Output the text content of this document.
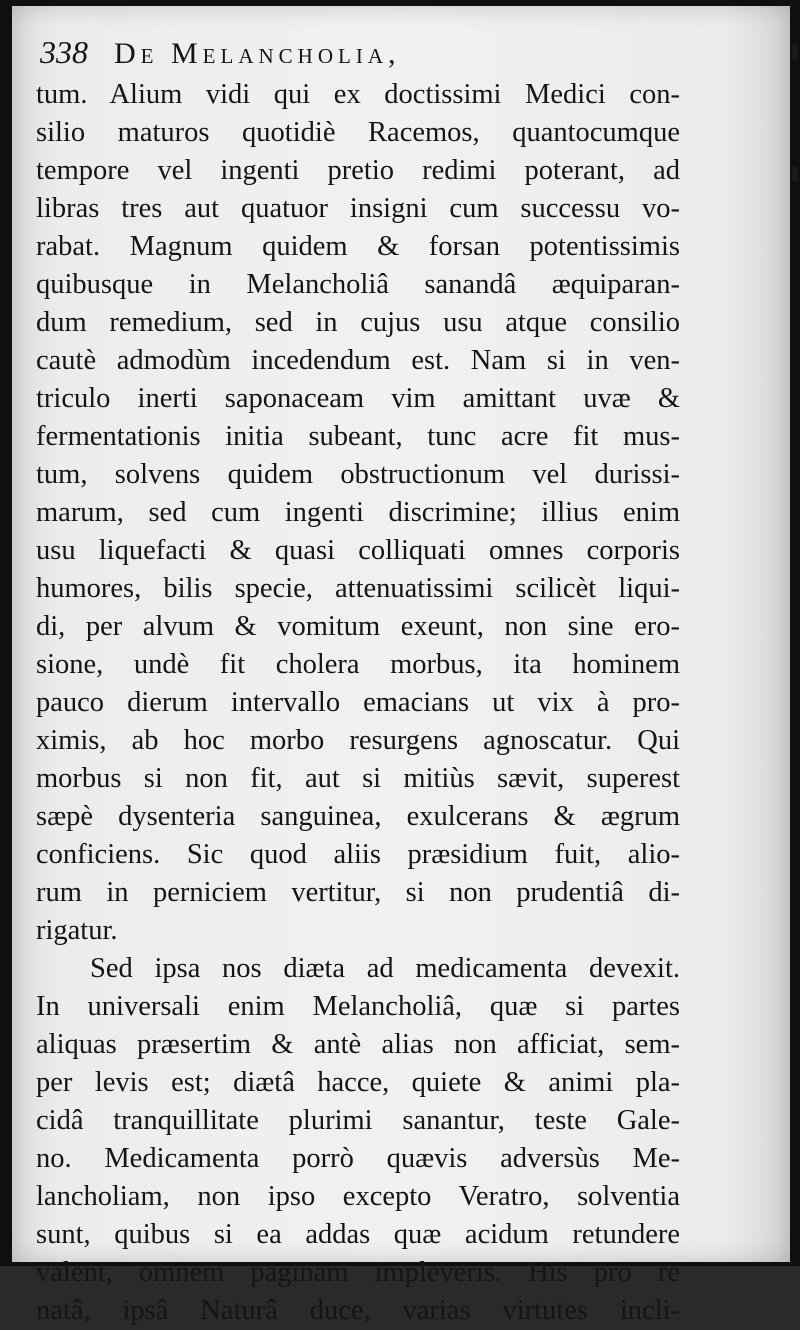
338 De Melancholia,
tum. Alium vidi qui ex doctissimi Medici con-
silio maturos quotidiè Racemos, quantocumque
tempore vel ingenti pretio redimi poterant, ad
libras tres aut quatuor insigni cum successu vo-
rabat. Magnum quidem & forsan potentissimis
quibusque in Melancholiâ sanandâ æquiparan-
dum remedium, sed in cujus usu atque consilio
cautè admodùm incedendum est. Nam si in ven-
triculo inerti saponaceam vim amittant uvæ &
fermentationis initia subeant, tunc acre fit mus-
tum, solvens quidem obstructionum vel durissi-
marum, sed cum ingenti discrimine; illius enim
usu liquefacti & quasi colliquati omnes corporis
humores, bilis specie, attenuatissimi scilicèt liqui-
di, per alvum & vomitum exeunt, non sine ero-
sione, undè fit cholera morbus, ita hominem
pauco dierum intervallo emacians ut vix à pro-
ximis, ab hoc morbo resurgens agnoscatur. Qui
morbus si non fit, aut si mitiùs sævit, superest
sæpè dysenteria sanguinea, exulcerans & ægrum
conficiens. Sic quod aliis præsidium fuit, alio-
rum in perniciem vertitur, si non prudentiâ di-
rigatur.
Sed ipsa nos diæta ad medicamenta devexit.
In universali enim Melancholiâ, quæ si partes
aliquas præsertim & antè alias non afficiat, sem-
per levis est; diætâ hacce, quiete & animi pla-
cidâ tranquillitate plurimi sanantur, teste Gale-
no. Medicamenta porrò quævis adversùs Me-
lancholiam, non ipso excepto Veratro, solventia
sunt, quibus si ea addas quæ acidum retundere
valent, omnem paginam impleveris. His pro re
natâ, ipsâ Naturâ duce, varias virtutes incli-
